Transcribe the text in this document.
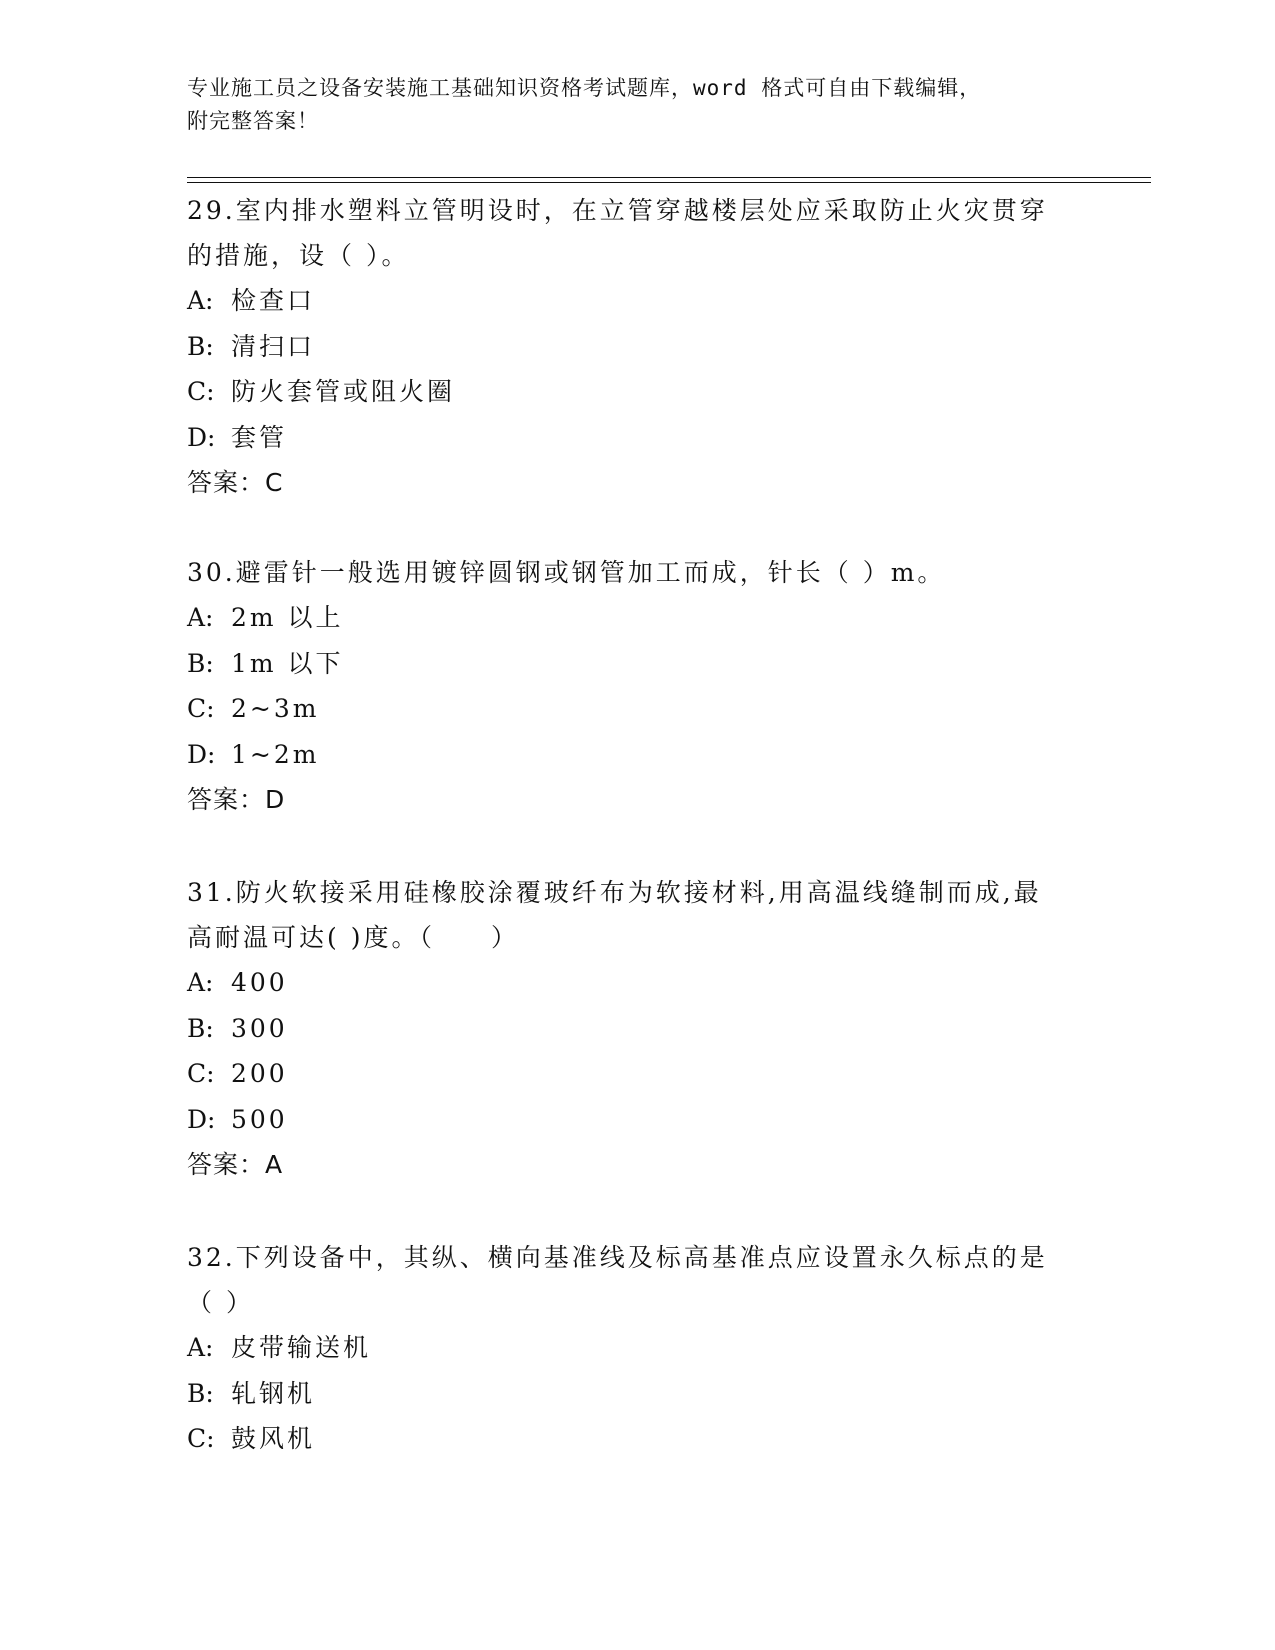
专业施工员之设备安装施工基础知识资格考试题库，word 格式可自由下载编辑，
附完整答案！
29.室内排水塑料立管明设时，在立管穿越楼层处应采取防止火灾贯穿
的措施，设（ ）。
A: 检查口
B: 清扫口
C: 防火套管或阻火圈
D: 套管
答案：C
30.避雷针一般选用镀锌圆钢或钢管加工而成，针长（ ）m。
A: 2m 以上
B: 1m 以下
C: 2~3m
D: 1~2m
答案：D
31.防火软接采用硅橡胶涂覆玻纤布为软接材料,用高温线缝制而成,最
高耐温可达( )度。（　　）
A: 400
B: 300
C: 200
D: 500
答案：A
32.下列设备中，其纵、横向基准线及标高基准点应设置永久标点的是
（ ）
A: 皮带输送机
B: 轧钢机
C: 鼓风机
